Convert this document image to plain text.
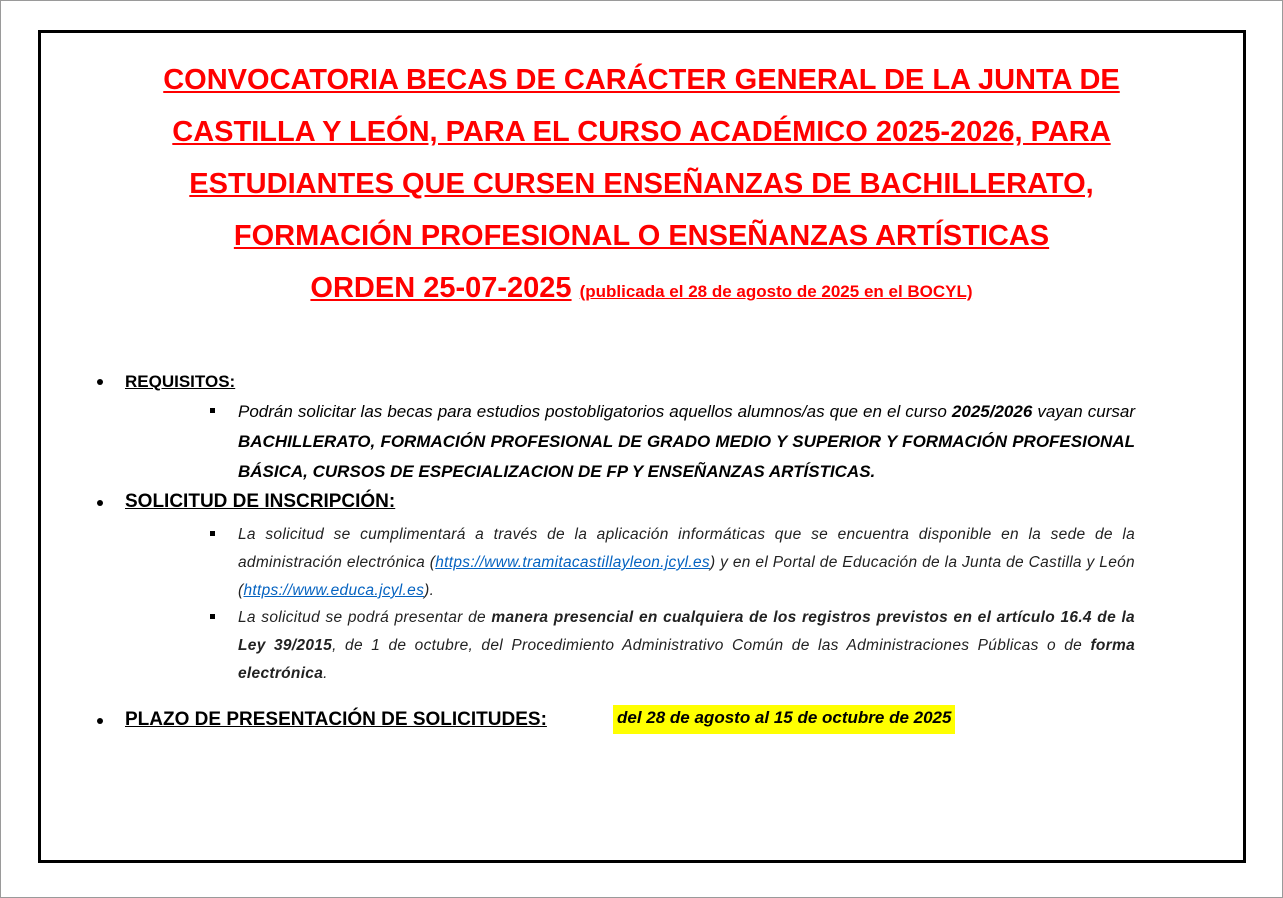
CONVOCATORIA BECAS DE CARÁCTER GENERAL DE LA JUNTA DE
CASTILLA Y LEÓN, PARA EL CURSO ACADÉMICO 2025-2026, PARA
ESTUDIANTES QUE CURSEN ENSEÑANZAS DE BACHILLERATO,
FORMACIÓN PROFESIONAL O ENSEÑANZAS ARTÍSTICAS
ORDEN 25-07-2025 (publicada el 28 de agosto de 2025 en el BOCYL)
REQUISITOS:
Podrán solicitar las becas para estudios postobligatorios aquellos alumnos/as que en el curso 2025/2026 vayan cursar BACHILLERATO, FORMACIÓN PROFESIONAL DE GRADO MEDIO Y SUPERIOR Y FORMACIÓN PROFESIONAL BÁSICA, CURSOS DE ESPECIALIZACION DE FP Y ENSEÑANZAS ARTÍSTICAS.
SOLICITUD DE INSCRIPCIÓN:
La solicitud se cumplimentará a través de la aplicación informáticas que se encuentra disponible en la sede de la administración electrónica (https://www.tramitacastillayleon.jcyl.es) y en el Portal de Educación de la Junta de Castilla y León (https://www.educa.jcyl.es).
La solicitud se podrá presentar de manera presencial en cualquiera de los registros previstos en el artículo 16.4 de la Ley 39/2015, de 1 de octubre, del Procedimiento Administrativo Común de las Administraciones Públicas o de forma electrónica.
PLAZO DE PRESENTACIÓN DE SOLICITUDES:	del 28 de agosto al 15 de octubre de 2025
